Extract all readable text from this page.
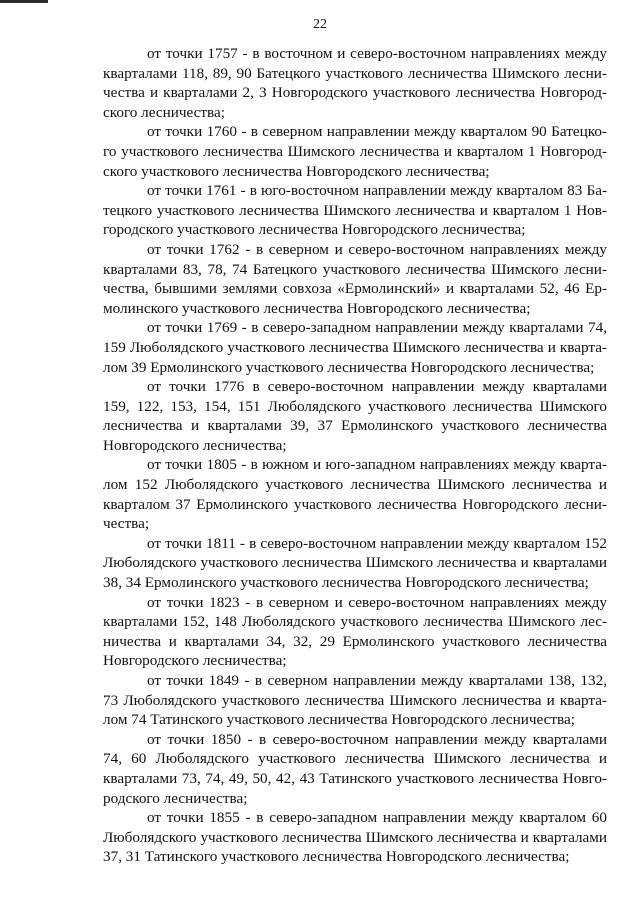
22
от точки 1757 - в восточном и северо-восточном направлениях между
кварталами 118, 89, 90 Батецкого участкового лесничества Шимского лесни-
чества и кварталами 2, 3 Новгородского участкового лесничества Новгород-
ского лесничества;
от точки 1760 - в северном направлении между кварталом 90 Батецко-
го участкового лесничества Шимского лесничества и кварталом 1 Новгород-
ского участкового лесничества Новгородского лесничества;
от точки 1761 - в юго-восточном направлении между кварталом 83 Ба-
тецкого участкового лесничества Шимского лесничества и кварталом 1 Нов-
городского участкового лесничества Новгородского лесничества;
от точки 1762 - в северном и северо-восточном направлениях между
кварталами 83, 78, 74 Батецкого участкового лесничества Шимского лесни-
чества, бывшими землями совхоза «Ермолинский» и кварталами 52, 46 Ер-
молинского участкового лесничества Новгородского лесничества;
от точки 1769 - в северо-западном направлении между кварталами 74,
159 Люболядского участкового лесничества Шимского лесничества и кварта-
лом 39 Ермолинского участкового лесничества Новгородского лесничества;
от точки 1776 в северо-восточном направлении между кварталами
159, 122, 153, 154, 151 Люболядского участкового лесничества Шимского
лесничества и кварталами 39, 37 Ермолинского участкового лесничества
Новгородского лесничества;
от точки 1805 - в южном и юго-западном направлениях между кварта-
лом 152 Люболядского участкового лесничества Шимского лесничества и
кварталом 37 Ермолинского участкового лесничества Новгородского лесни-
чества;
от точки 1811 - в северо-восточном направлении между кварталом 152
Люболядского участкового лесничества Шимского лесничества и кварталами
38, 34 Ермолинского участкового лесничества Новгородского лесничества;
от точки 1823 - в северном и северо-восточном направлениях между
кварталами 152, 148 Люболядского участкового лесничества Шимского лес-
ничества и кварталами 34, 32, 29 Ермолинского участкового лесничества
Новгородского лесничества;
от точки 1849 - в северном направлении между кварталами 138, 132,
73 Люболядского участкового лесничества Шимского лесничества и кварта-
лом 74 Татинского участкового лесничества Новгородского лесничества;
от точки 1850 - в северо-восточном направлении между кварталами
74, 60 Люболядского участкового лесничества Шимского лесничества и
кварталами 73, 74, 49, 50, 42, 43 Татинского участкового лесничества Новго-
родского лесничества;
от точки 1855 - в северо-западном направлении между кварталом 60
Люболядского участкового лесничества Шимского лесничества и кварталами
37, 31 Татинского участкового лесничества Новгородского лесничества;
